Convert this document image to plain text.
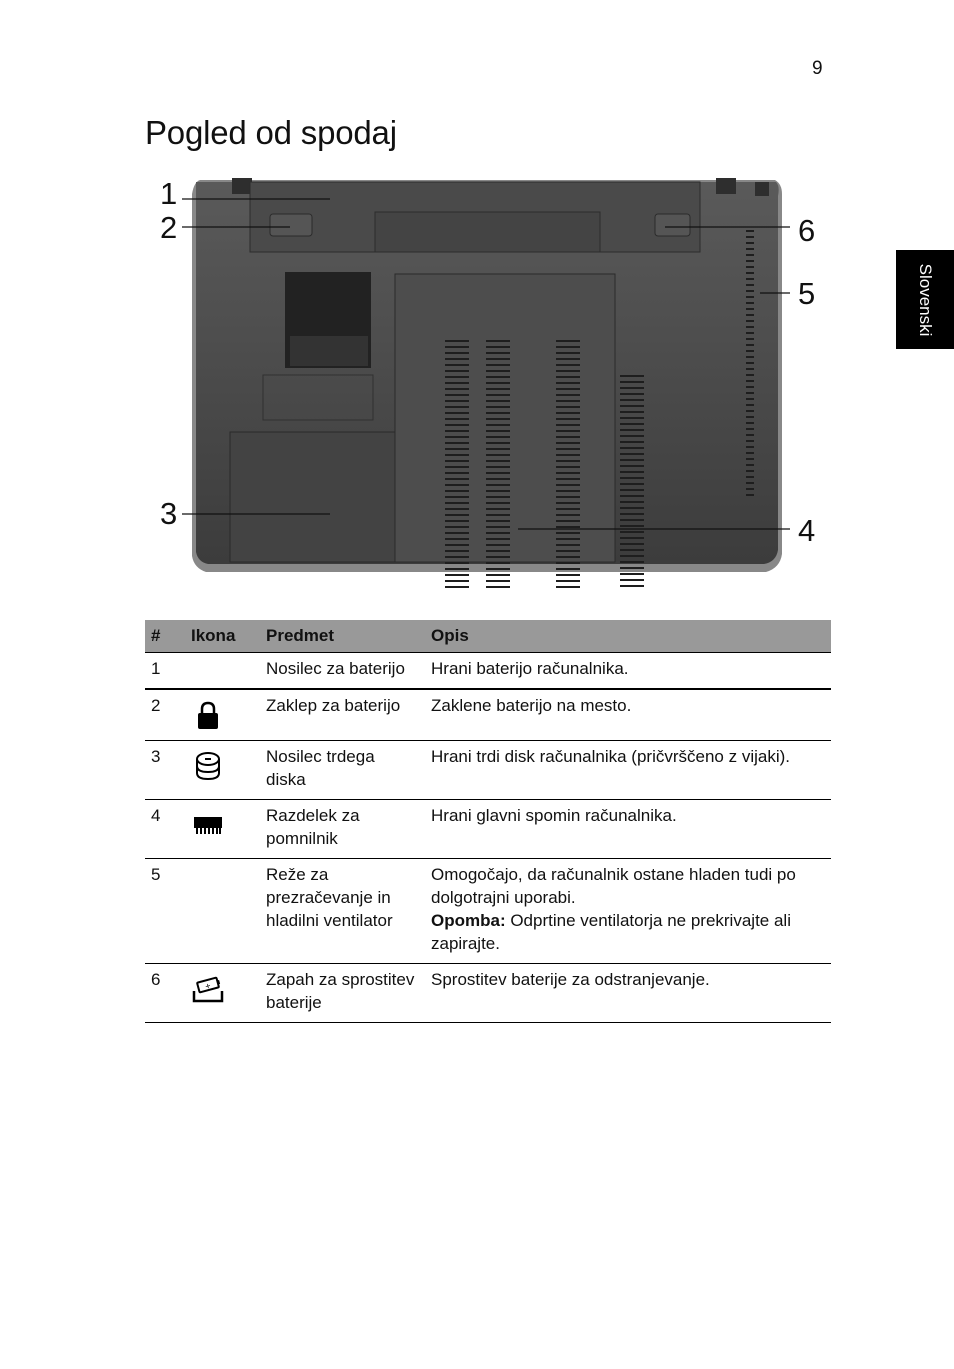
9
Pogled od spodaj
Slovenski
1
2
3	4
5
6
#	Ikona	Predmet	Opis
1		Nosilec za baterijo	Hrani baterijo računalnika.
2		Zaklep za baterijo	Zaklene baterijo na mesto.
3		Nosilec trdega diska	Hrani trdi disk računalnika (pričvrščeno z vijaki).
4		Razdelek za pomnilnik	Hrani glavni spomin računalnika.
5		Reže za prezračevanje in hladilni ventilator	Omogočajo, da računalnik ostane hladen tudi po dolgotrajni uporabi.
Opomba: Odprtine ventilatorja ne prekrivajte ali zapirajte.
6	+	Zapah za sprostitev baterije	Sprostitev baterije za odstranjevanje.
